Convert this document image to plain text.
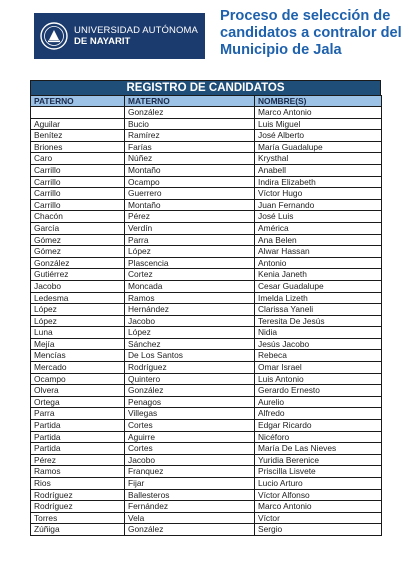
UNIVERSIDAD AUTÓNOMA
DE NAYARIT
Proceso de selección de
candidatos a contralor del
Municipio de Jala
REGISTRO DE CANDIDATOS
PATERNO	MATERNO	NOMBRE(S)
	González	Marco Antonio
Aguilar	Bucio	Luis Miguel
Benítez	Ramírez	José Alberto
Briones	Farías	María Guadalupe
Caro	Núñez	Krysthal
Carrillo	Montaño	Anabell
Carrillo	Ocampo	Indira Elizabeth
Carrillo	Guerrero	Víctor Hugo
Carrillo	Montaño	Juan Fernando
Chacón	Pérez	José Luis
García	Verdín	América
Gómez	Parra	Ana Belen
Gómez	López	Alwar Hassan
González	Plascencia	Antonio
Gutiérrez	Cortez	Kenia Janeth
Jacobo	Moncada	Cesar Guadalupe
Ledesma	Ramos	Imelda Lizeth
López	Hernández	Clarissa Yaneli
López	Jacobo	Teresita De Jesús
Luna	López	Nidia
Mejía	Sánchez	Jesús Jacobo
Mencías	De Los Santos	Rebeca
Mercado	Rodríguez	Omar Israel
Ocampo	Quintero	Luis Antonio
Olvera	González	Gerardo Ernesto
Ortega	Penagos	Aurelio
Parra	Villegas	Alfredo
Partida	Cortes	Edgar Ricardo
Partida	Aguirre	Nicéforo
Partida	Cortes	María De Las Nieves
Pérez	Jacobo	Yuridia Berenice
Ramos	Franquez	Priscilla Lisvete
Rios	Fijar	Lucio Arturo
Rodríguez	Ballesteros	Víctor Alfonso
Rodríguez	Fernández	Marco Antonio
Torres	Vela	Víctor
Zúñiga	González	Sergio
